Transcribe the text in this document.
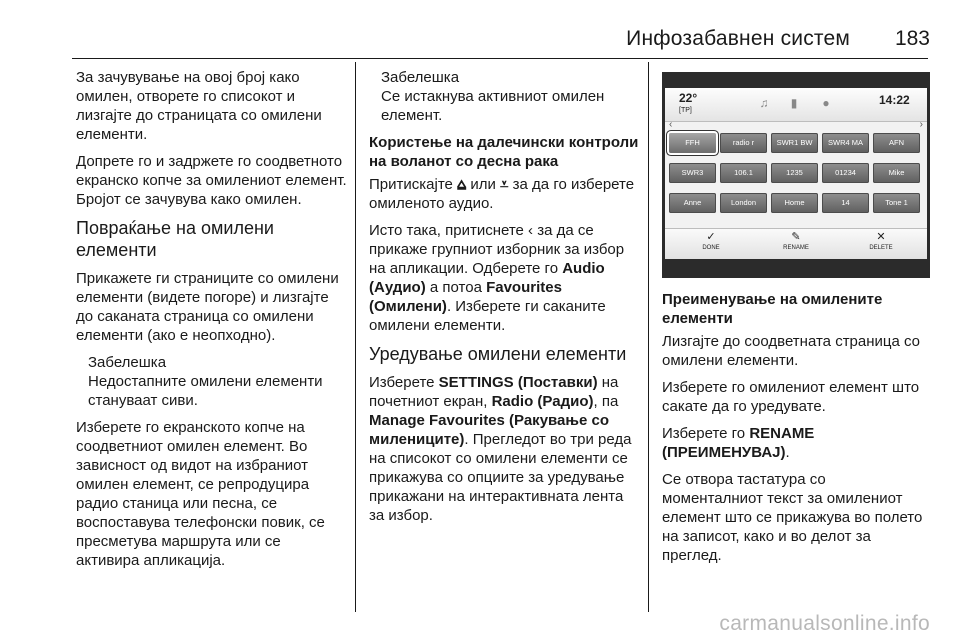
Инфозабавнен систем	183

За зачувување на овој број како омилен, отворете го списокот и лизгајте до страницата со омилени елементи.

Допрете го и задржете го соодветното екранско копче за омилениот елемент. Бројот се зачувува како омилен.

Повраќање на омилени елементи

Прикажете ги страниците со омилени елементи (видете погоре) и лизгајте до саканата страница со омилени елементи (ако е неопходно).

Забелешка
Недостапните омилени елементи стануваат сиви.

Изберете го екранското копче на соодветниот омилен елемент. Во зависност од видот на избраниот омилен елемент, се репродуцира радио станица или песна, се воспоставува телефонски повик, се пресметува маршрута или се активира апликација.

Забелешка
Се истакнува активниот омилен елемент.
Користење на далечински контроли на воланот со десна рака

Притискајте ⩠ или ⩡ за да го изберете омиленото аудио.

Исто така, притиснете ‹ за да се прикаже групниот изборник за избор на апликации. Одберете го Audio (Аудио) а потоа Favourites (Омилени). Изберете ги саканите омилени елементи.

Уредување омилени елементи

Изберете SETTINGS (Поставки) на почетниот екран, Radio (Радио), па Manage Favourites (Ракување со милениците). Прегледот во три реда на списокот со омилени елементи се прикажува со опциите за уредување прикажани на интерактивната лента за избор.

22°
[TP]
♫	▮	●	14:22
‹	›
FFH	radio r	SWR1 BW	SWR4 MA	AFN
SWR3	106.1	1235	01234	Mike
Anne	London	Home	14	Tone 1
✓
DONE
✎
RENAME
✕
DELETE
Преименување на омилените елементи

Лизгајте до соодветната страница со омилени елементи.

Изберете го омилениот елемент што сакате да го уредувате.

Изберете го RENAME (ПРЕИМЕНУВАЈ).

Се отвора тастатура со моменталниот текст за омилениот елемент што се прикажува во полето на записот, како и во делот за преглед.

carmanualsonline.info
